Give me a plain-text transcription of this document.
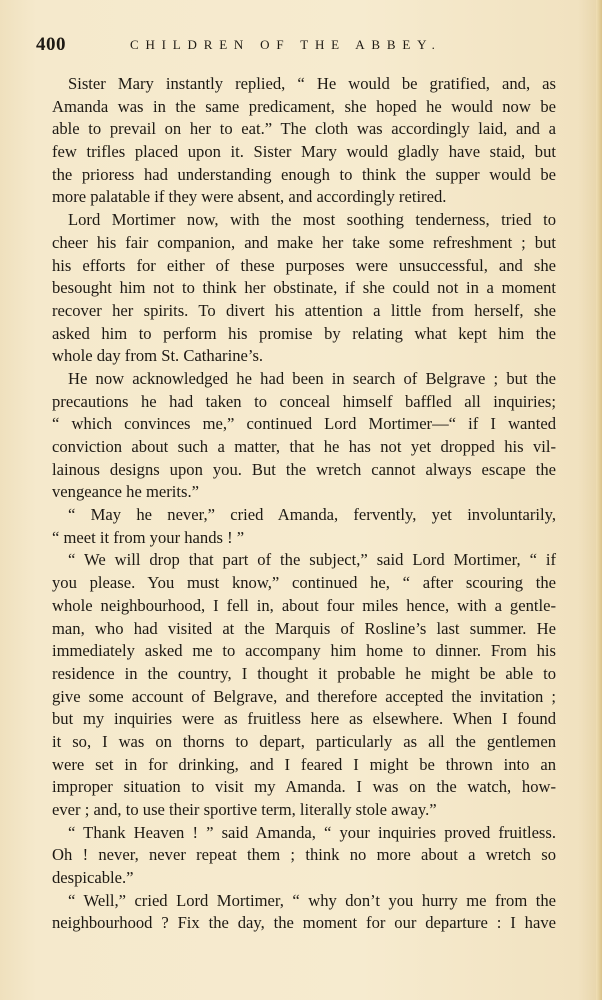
400	CHILDREN OF THE ABBEY.
Sister Mary instantly replied, “ He would be gratified, and, as
Amanda was in the same predicament, she hoped he would now be
able to prevail on her to eat.” The cloth was accordingly laid, and a
few trifles placed upon it. Sister Mary would gladly have staid, but
the prioress had understanding enough to think the supper would be
more palatable if they were absent, and accordingly retired.
Lord Mortimer now, with the most soothing tenderness, tried to
cheer his fair companion, and make her take some refreshment ; but
his efforts for either of these purposes were unsuccessful, and she
besought him not to think her obstinate, if she could not in a moment
recover her spirits. To divert his attention a little from herself, she
asked him to perform his promise by relating what kept him the
whole day from St. Catharine’s.
He now acknowledged he had been in search of Belgrave ; but the
precautions he had taken to conceal himself baffled all inquiries;
“ which convinces me,” continued Lord Mortimer—“ if I wanted
conviction about such a matter, that he has not yet dropped his vil-
lainous designs upon you. But the wretch cannot always escape the
vengeance he merits.”
“ May he never,” cried Amanda, fervently, yet involuntarily,
“ meet it from your hands ! ”
“ We will drop that part of the subject,” said Lord Mortimer, “ if
you please. You must know,” continued he, “ after scouring the
whole neighbourhood, I fell in, about four miles hence, with a gentle-
man, who had visited at the Marquis of Rosline’s last summer. He
immediately asked me to accompany him home to dinner. From his
residence in the country, I thought it probable he might be able to
give some account of Belgrave, and therefore accepted the invitation ;
but my inquiries were as fruitless here as elsewhere. When I found
it so, I was on thorns to depart, particularly as all the gentlemen
were set in for drinking, and I feared I might be thrown into an
improper situation to visit my Amanda. I was on the watch, how-
ever ; and, to use their sportive term, literally stole away.”
“ Thank Heaven ! ” said Amanda, “ your inquiries proved fruitless.
Oh ! never, never repeat them ; think no more about a wretch so
despicable.”
“ Well,” cried Lord Mortimer, “ why don’t you hurry me from the
neighbourhood ? Fix the day, the moment for our departure : I have
